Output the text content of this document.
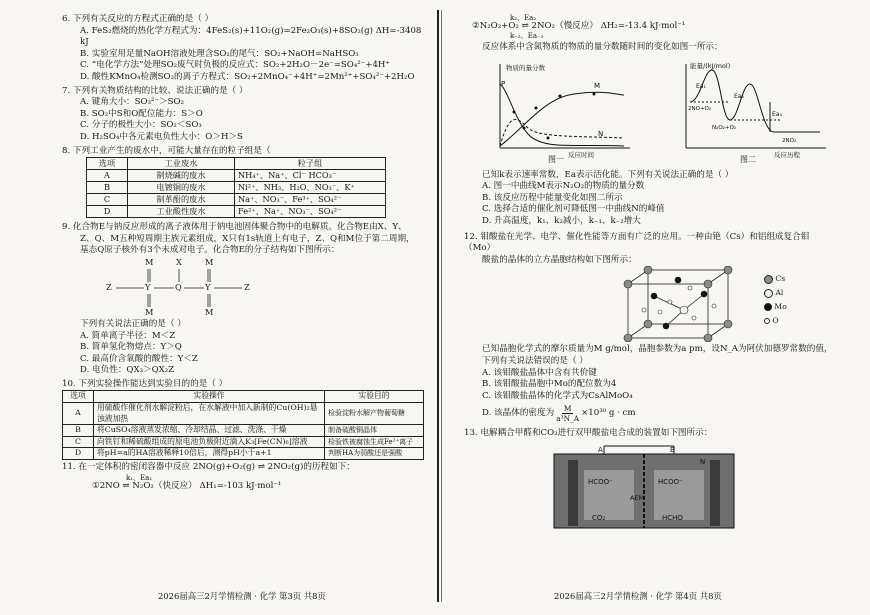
6. 下列有关反应的方程式正确的是（ ）

A. FeS₂燃烧的热化学方程式为：4FeS₂(s)+11O₂(g)=2Fe₂O₃(s)+8SO₂(g) ΔH=-3408 kJ

B. 实验室用足量NaOH溶液处理含SO₂的尾气：SO₂+NaOH=NaHSO₃

C. “电化学方法”处理SO₂废气时负极的反应式：SO₂+2H₂O－2e⁻=SO₄²⁻+4H⁺

D. 酸性KMnO₄检测SO₂的离子方程式：SO₂+2MnO₄⁻+4H⁺=2Mn²⁺+SO₄²⁻+2H₂O

7. 下列有关物质结构的比较、说法正确的是（ ）

A. 键角大小：SO₃²⁻＞SO₂

B. SO₂中S和O配位能力：S＞O

C. 分子的极性大小：SO₂＜SO₃

D. H₂SO₄中各元素电负性大小：O＞H＞S

8. 下列工业产生的废水中，可能大量存在的粒子组是（

选项	工业废水	粒子组
A	制烧碱的废水	NH₄⁺、Na⁺、Cl⁻ HCO₃⁻
B	电镀铜的废水	Ni²⁺、NH₃、H₂O、NO₃⁻、K⁺
C	制革酚的废水	Na⁺、NO₃⁻、Fe³⁺、SO₄²⁻
D	工业酸性废水	Fe²⁺、Na⁺、NO₃⁻、SO₄²⁻

9. 化合物E与钠反应形成的离子液体用于钠电池固体聚合物中的电解质。化合物E由X、Y、

Z、Q、M五种短周期主族元素组成，X只有1s轨道上有电子，Z、Q和M位于第二周期，

基态Q原子核外有3个未成对电子。化合物E的分子结构如下图所示：

M	X	M
Z	Y	Q	Y	Z
M	M

下列有关说法正确的是（ ）

A. 简单离子半径：M＜Z

B. 简单氢化物熔点：Y＞Q

C. 最高价含氧酸的酸性：Y＜Z

D. 电负性：QX₃＞QX₂Z

10. 下列实验操作能达到实验目的的是（ ）

选项	实验操作	实验目的
A	用硫酸作催化剂水解淀粉后，在水解液中加入新制的Cu(OH)₂悬浊液加热	检验淀粉水解产物葡萄糖
B	将CuSO₄溶液蒸发浓缩、冷却结晶、过滤、洗涤、干燥	制备硫酸铜晶体
C	向铁钉和稀硫酸组成的原电池负极附近滴入K₃[Fe(CN)₆]溶液	检验铁被腐蚀生成Fe²⁺离子
D	将pH=a的HA溶液稀释10倍后，测得pH小于a+1	判断HA为弱酸还是强酸

11. 在一定体积的密闭容器中反应 2NO(g)+O₂(g) ⇌ 2NO₂(g)的历程如下：

k₁、Ea₁

①2NO ⇌ N₂O₂（快反应） ΔH₁=-103 kJ·mol⁻¹

2026届高三2月学情检测 · 化学 第3页 共8页
k₂、Ea₂
k₋₂、Ea₋₂

②N₂O₂+O₂ ⇌ 2NO₂（慢反应） ΔH₂=-13.4 kJ·mol⁻¹

反应体系中含氮物质的物质的量分数随时间的变化如图一所示：

物质的量分数
P	M
N
反应时间
图一
能量/(kJ/mol)
Ea₁
Ea₂
Ea₃
2NO+O₂
N₂O₂+O₂
2NO₂
反应历程
图二

已知k表示速率常数，Ea表示活化能。下列有关说法正确的是（ ）

A. 图一中曲线M表示N₂O₂的物质的量分数

B. 该反应历程中能量变化如图二所示

C. 选择合适的催化剂可降低图一中曲线N的峰值

D. 升高温度，k₁、k₂减小，k₋₁、k₋₂增大

12. 钼酸盐在光学、电学、催化性能等方面有广泛的应用。一种由铯（Cs）和铝组成复合钼（Mo）

酸盐的晶体的立方晶胞结构如下图所示：

Cs
Al
Mo
O

已知晶胞化学式的摩尔质量为M g/mol，晶胞参数为a pm，设N_A为阿伏加德罗常数的值，

下列有关说法错误的是（ ）

A. 该钼酸盐晶体中含有共价键

B. 该钼酸盐晶胞中Mo的配位数为4

C. 该钼酸盐晶体的化学式为CsAlMoO₄

D. 该晶体的密度为 $\frac{M}{\text{a³N\_A}} \times 10^{30}$ g · cm

13. 电解耦合甲醛和CO₂进行双甲酸盐电合成的装置如下图所示：

A	B
N
HCOO⁻	HCOO⁻
AEM
CO₂	HCHO
2026届高三2月学情检测 · 化学 第4页 共8页
